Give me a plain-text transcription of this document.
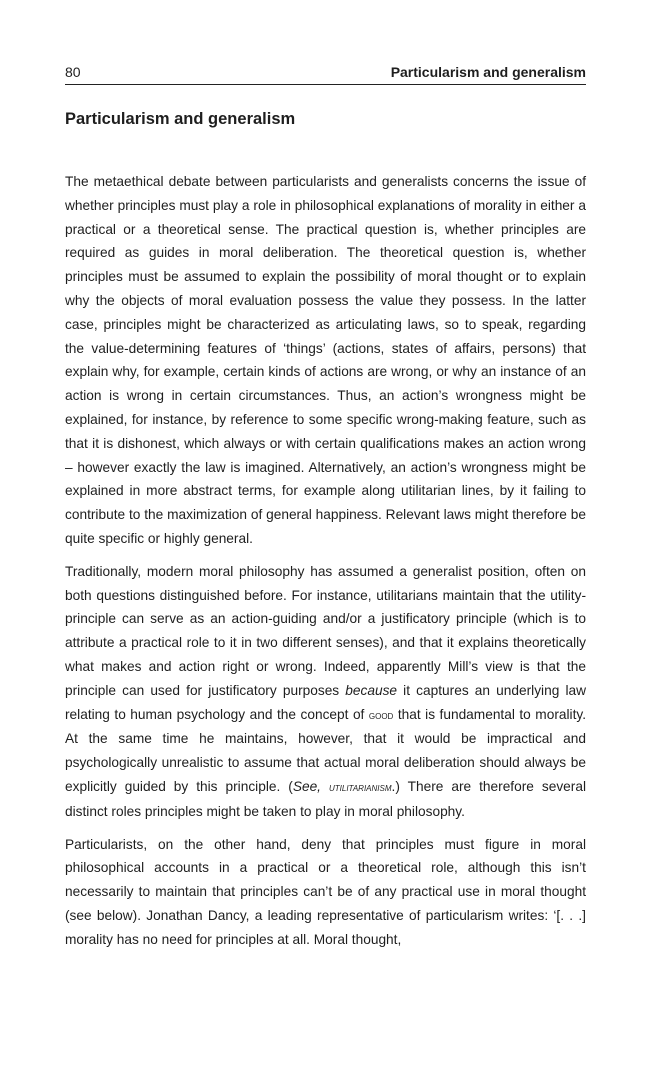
80	Particularism and generalism
Particularism and generalism

The metaethical debate between particularists and generalists concerns the issue of whether principles must play a role in philosophical explanations of morality in either a practical or a theoretical sense. The practical question is, whether principles are required as guides in moral deliberation. The theoretical question is, whether principles must be assumed to explain the possibility of moral thought or to explain why the objects of moral evaluation possess the value they possess. In the latter case, principles might be characterized as articulating laws, so to speak, regarding the value-determining features of ‘things’ (actions, states of affairs, persons) that explain why, for example, certain kinds of actions are wrong, or why an instance of an action is wrong in certain circumstances. Thus, an action’s wrongness might be explained, for instance, by reference to some specific wrong-making feature, such as that it is dishonest, which always or with certain qualifications makes an action wrong – however exactly the law is imagined. Alternatively, an action’s wrongness might be explained in more abstract terms, for example along utilitarian lines, by it failing to contribute to the maximization of general happiness. Relevant laws might therefore be quite specific or highly general.

Traditionally, modern moral philosophy has assumed a generalist position, often on both questions distinguished before. For instance, utilitarians maintain that the utility-principle can serve as an action-guiding and/or a justificatory principle (which is to attribute a practical role to it in two different senses), and that it explains theoretically what makes and action right or wrong. Indeed, apparently Mill’s view is that the principle can used for justificatory purposes because it captures an underlying law relating to human psychology and the concept of good that is fundamental to morality. At the same time he maintains, however, that it would be impractical and psychologically unrealistic to assume that actual moral deliberation should always be explicitly guided by this principle. (See, utilitarianism.) There are therefore several distinct roles principles might be taken to play in moral philosophy.

Particularists, on the other hand, deny that principles must figure in moral philosophical accounts in a practical or a theoretical role, although this isn’t necessarily to maintain that principles can’t be of any practical use in moral thought (see below). Jonathan Dancy, a leading representative of particularism writes: ‘[. . .] morality has no need for principles at all. Moral thought,
